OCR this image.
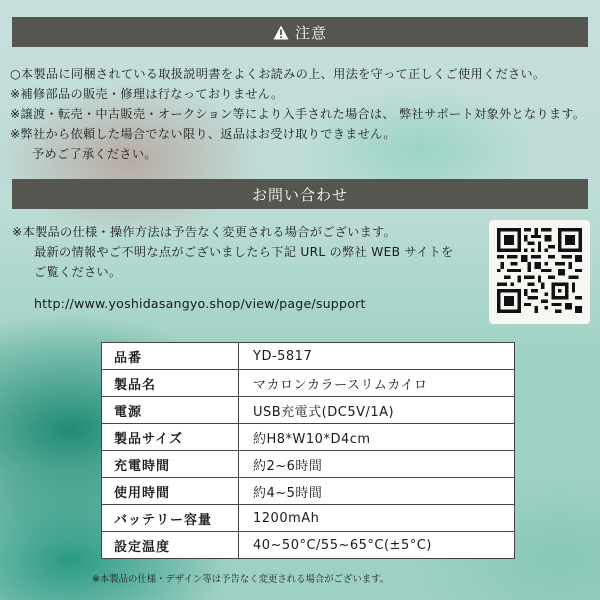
注意
○本製品に同梱されている取扱説明書をよくお読みの上、用法を守って正しくご使用ください。
※補修部品の販売・修理は行なっておりません。
※譲渡・転売・中古販売・オークション等により入手された場合は、 弊社サポート対象外となります。
※弊社から依頼した場合でない限り、返品はお受け取りできません。
予めご了承ください。
お問い合わせ
※本製品の仕様・操作方法は予告なく変更される場合がございます。
最新の情報やご不明な点がございましたら下記 URL の弊社 WEB サイトを
ご覧ください。
http://www.yoshidasangyo.shop/view/page/support
品番	YD-5817
製品名	マカロンカラースリムカイロ
電源	USB充電式(DC5V/1A)
製品サイズ	約H8*W10*D4cm
充電時間	約2~6時間
使用時間	約4~5時間
バッテリー容量	1200mAh
設定温度	40~50°C/55~65°C(±5°C)
※本製品の仕様・デザイン等は予告なく変更される場合がございます。
